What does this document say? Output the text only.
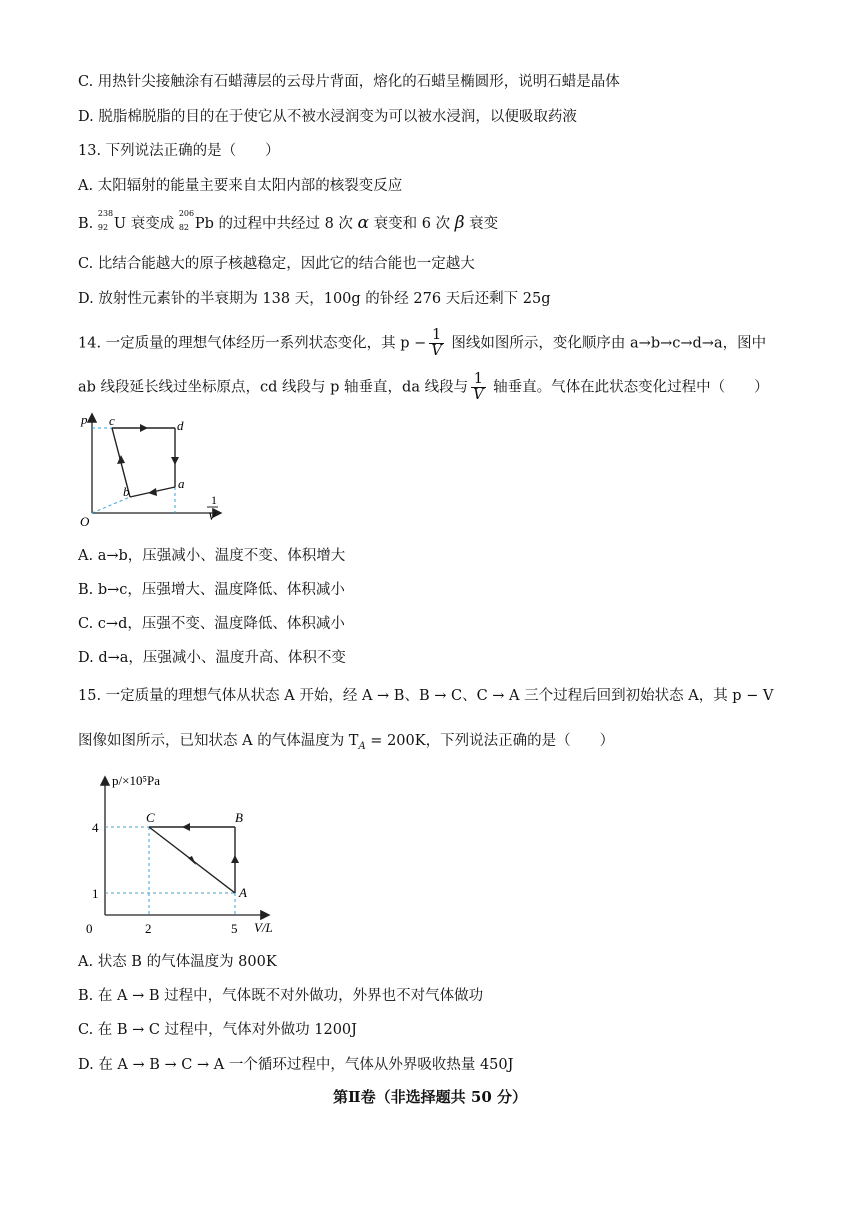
C. 用热针尖接触涂有石蜡薄层的云母片背面，熔化的石蜡呈椭圆形，说明石蜡是晶体
D. 脱脂棉脱脂的目的在于使它从不被水浸润变为可以被水浸润，以便吸取药液
13. 下列说法正确的是（　　）
A. 太阳辐射的能量主要来自太阳内部的核裂变反应
B.
238
92 U 衰变成
206
82 Pb 的过程中共经过 8 次 α 衰变和 6 次 β 衰变
C. 比结合能越大的原子核越稳定，因此它的结合能也一定越大
D. 放射性元素钋的半衰期为 138 天，100g 的钋经 276 天后还剩下 25g
14. 一定质量的理想气体经历一系列状态变化，其 $p - \frac{1}{V}$ 图线如图所示，变化顺序由 a→b→c→d→a，图中
ab 线段延长线过坐标原点，cd 线段与 p 轴垂直，da 线段与 $\frac{1}{V}$ 轴垂直。气体在此状态变化过程中（　　）
p
O
c	d
a
b
1
V
A. a→b，压强减小、温度不变、体积增大
B. b→c，压强增大、温度降低、体积减小
C. c→d，压强不变、温度降低、体积减小
D. d→a，压强减小、温度升高、体积不变
15. 一定质量的理想气体从状态 A 开始，经 A → B、B → C、C → A 三个过程后回到初始状态 A，其 p − V
图像如图所示，已知状态 A 的气体温度为 $T_A = 200K$，下列说法正确的是（　　）
p/×10⁵Pa
V/L
0
4
1
2	5
C	B
A
A. 状态 B 的气体温度为 800K
B. 在 A → B 过程中，气体既不对外做功，外界也不对气体做功
C. 在 B → C 过程中，气体对外做功 1200J
D. 在 A → B → C → A 一个循环过程中，气体从外界吸收热量 450J
第Ⅱ卷（非选择题共 50 分）
